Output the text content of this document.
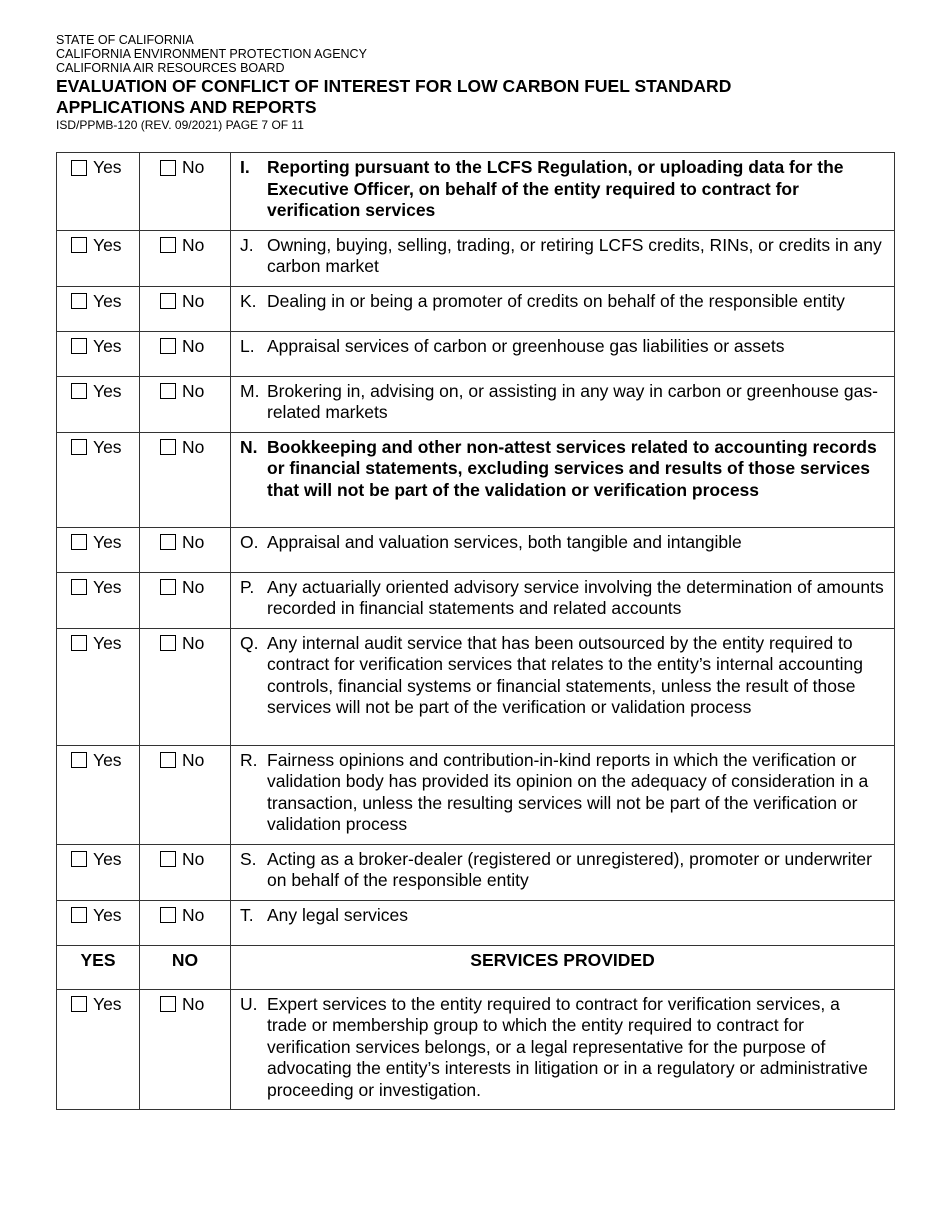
STATE OF CALIFORNIA
CALIFORNIA ENVIRONMENT PROTECTION AGENCY
CALIFORNIA AIR RESOURCES BOARD
EVALUATION OF CONFLICT OF INTEREST FOR LOW CARBON FUEL STANDARD
APPLICATIONS AND REPORTS
ISD/PPMB-120 (REV. 09/2021) PAGE 7 OF 11
Yes	No	I. Reporting pursuant to the LCFS Regulation, or uploading data for the Executive Officer, on behalf of the entity required to contract for verification services

Yes	No	J. Owning, buying, selling, trading, or retiring LCFS credits, RINs, or credits in any carbon market

Yes	No	K. Dealing in or being a promoter of credits on behalf of the responsible entity

Yes	No	L. Appraisal services of carbon or greenhouse gas liabilities or assets

Yes	No	M. Brokering in, advising on, or assisting in any way in carbon or greenhouse gas-related markets

Yes	No	N. Bookkeeping and other non-attest services related to accounting records or financial statements, excluding services and results of those services that will not be part of the validation or verification process

Yes	No	O. Appraisal and valuation services, both tangible and intangible

Yes	No	P. Any actuarially oriented advisory service involving the determination of amounts recorded in financial statements and related accounts

Yes	No	Q. Any internal audit service that has been outsourced by the entity required to contract for verification services that relates to the entity’s internal accounting controls, financial systems or financial statements, unless the result of those services will not be part of the verification or validation process

Yes	No	R. Fairness opinions and contribution-in-kind reports in which the verification or validation body has provided its opinion on the adequacy of consideration in a transaction, unless the resulting services will not be part of the verification or validation process

Yes	No	S. Acting as a broker-dealer (registered or unregistered), promoter or underwriter on behalf of the responsible entity

Yes	No	T. Any legal services

YES	NO	SERVICES PROVIDED

Yes	No	U. Expert services to the entity required to contract for verification services, a trade or membership group to which the entity required to contract for verification services belongs, or a legal representative for the purpose of advocating the entity’s interests in litigation or in a regulatory or administrative proceeding or investigation.
